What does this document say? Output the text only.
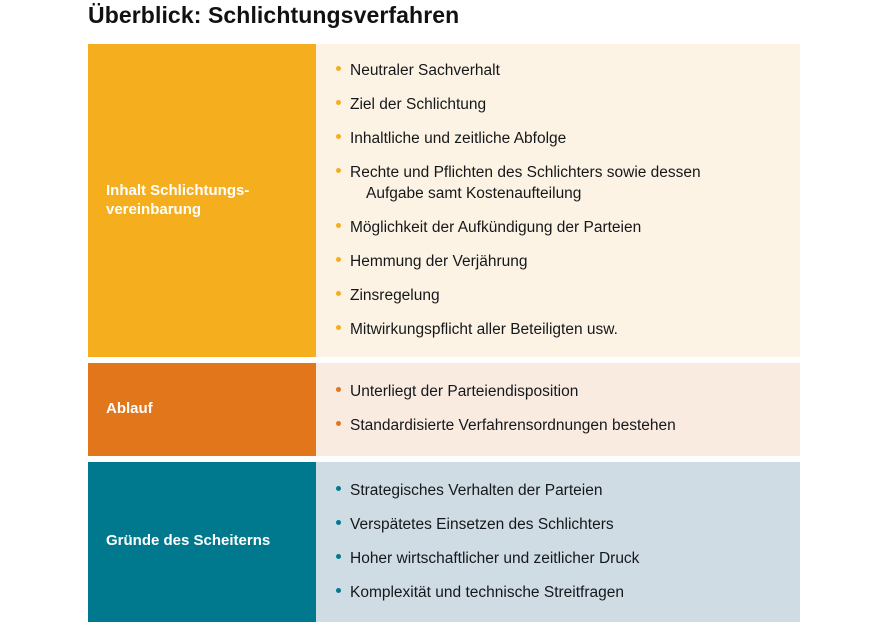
Überblick: Schlichtungsverfahren
Inhalt Schlichtungs-
vereinbarung
Neutraler Sachverhalt
Ziel der Schlichtung
Inhaltliche und zeitliche Abfolge
Rechte und Pflichten des Schlichters sowie dessen
Aufgabe samt Kostenaufteilung
Möglichkeit der Aufkündigung der Parteien
Hemmung der Verjährung
Zinsregelung
Mitwirkungspflicht aller Beteiligten usw.
Ablauf
Unterliegt der Parteiendisposition
Standardisierte Verfahrensordnungen bestehen
Gründe des Scheiterns
Strategisches Verhalten der Parteien
Verspätetes Einsetzen des Schlichters
Hoher wirtschaftlicher und zeitlicher Druck
Komplexität und technische Streitfragen
